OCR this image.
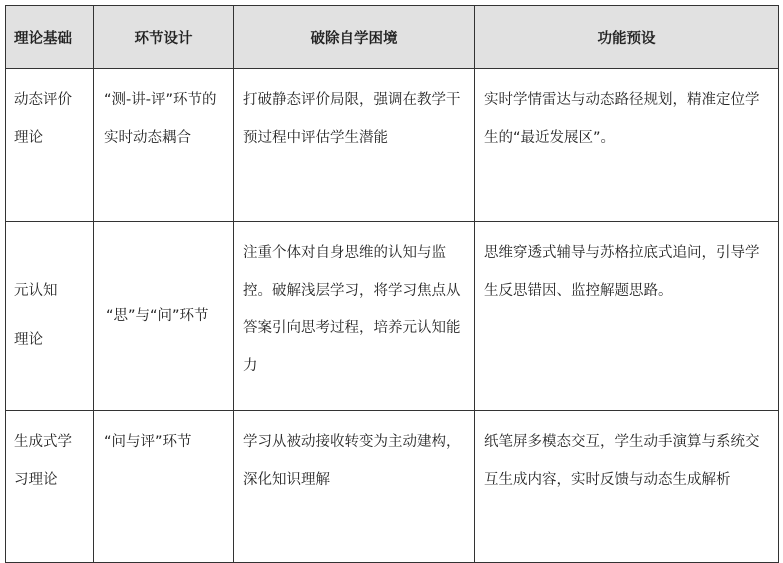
理论基础	环节设计	破除自学困境	功能预设
动态评价理论	“测-讲-评”环节的实时动态耦合	打破静态评价局限，强调在教学干预过程中评估学生潜能	实时学情雷达与动态路径规划，精准定位学生的“最近发展区”。
元认知理论	“思”与“问”环节	注重个体对自身思维的认知与监控。破解浅层学习，将学习焦点从答案引向思考过程，培养元认知能力	思维穿透式辅导与苏格拉底式追问，引导学生反思错因、监控解题思路。
生成式学习理论	“问与评”环节	学习从被动接收转变为主动建构，深化知识理解	纸笔屏多模态交互，学生动手演算与系统交互生成内容，实时反馈与动态生成解析
